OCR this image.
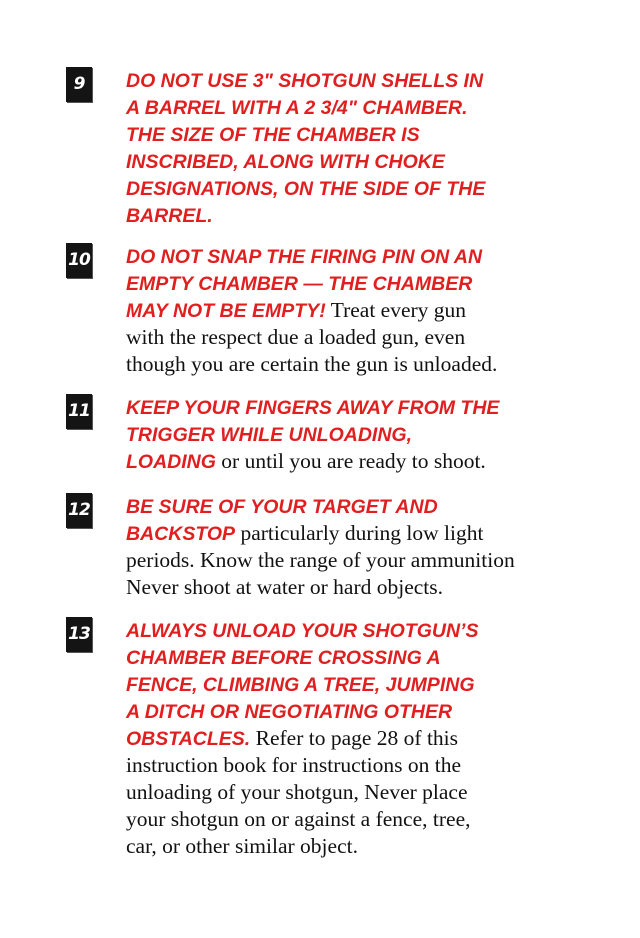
9	DO NOT USE 3" SHOTGUN SHELLS IN
A BARREL WITH A 2 3/4" CHAMBER.
THE SIZE OF THE CHAMBER IS
INSCRIBED, ALONG WITH CHOKE
DESIGNATIONS, ON THE SIDE OF THE
BARREL.
10 DO NOT SNAP THE FIRING PIN ON AN
EMPTY CHAMBER — THE CHAMBER
MAY NOT BE EMPTY! Treat every gun
with the respect due a loaded gun, even
though you are certain the gun is unloaded.
11 KEEP YOUR FINGERS AWAY FROM THE
TRIGGER WHILE UNLOADING,
LOADING or until you are ready to shoot.
12 BE SURE OF YOUR TARGET AND
BACKSTOP particularly during low light
periods. Know the range of your ammunition
Never shoot at water or hard objects.
13 ALWAYS UNLOAD YOUR SHOTGUN’S
CHAMBER BEFORE CROSSING A
FENCE, CLIMBING A TREE, JUMPING
A DITCH OR NEGOTIATING OTHER
OBSTACLES. Refer to page 28 of this
instruction book for instructions on the
unloading of your shotgun, Never place
your shotgun on or against a fence, tree,
car, or other similar object.
